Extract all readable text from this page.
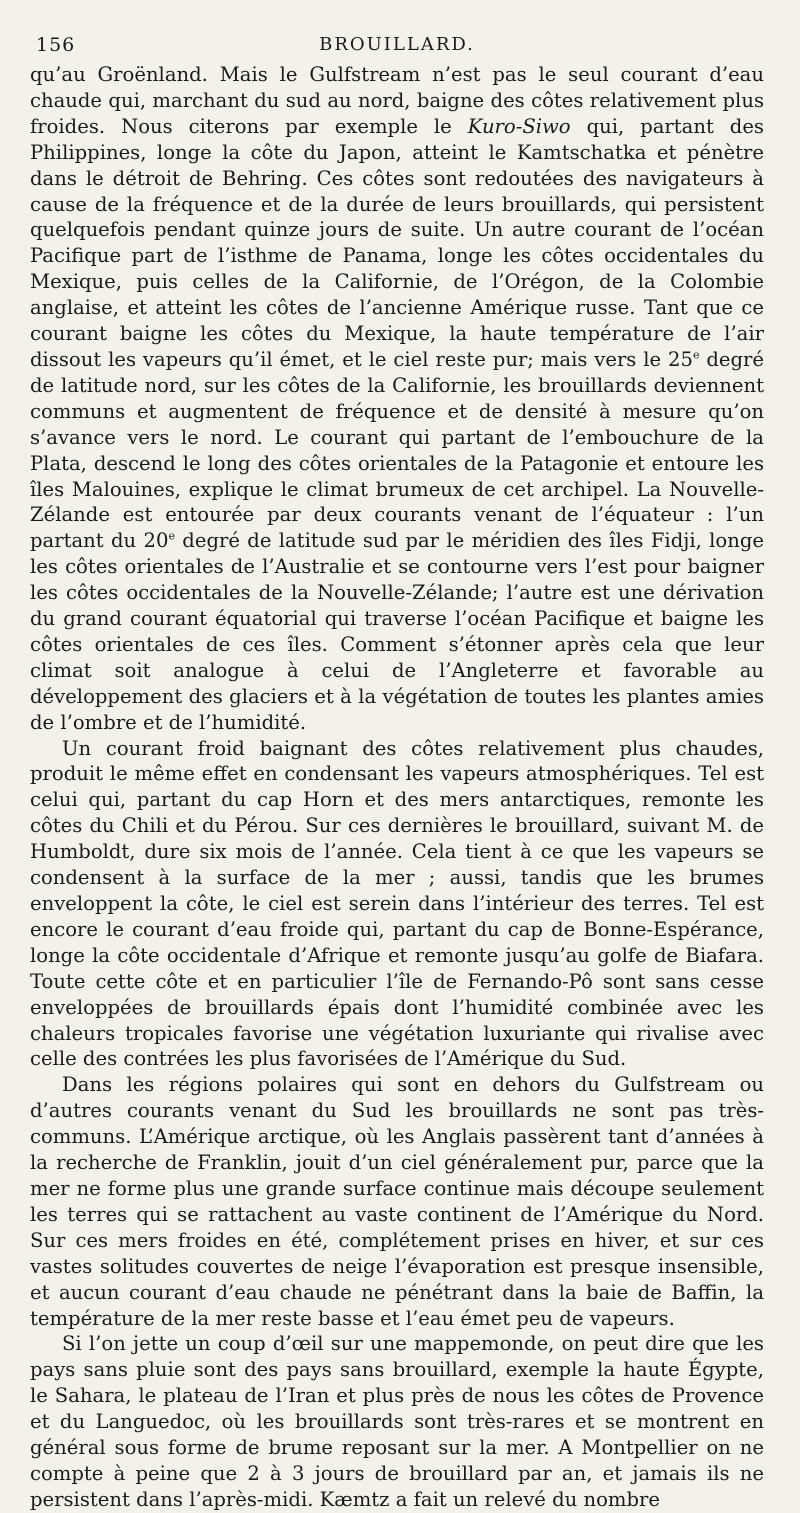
156	BROUILLARD.

qu’au Groënland. Mais le Gulfstream n’est pas le seul courant d’eau chaude qui, marchant du sud au nord, baigne des côtes relativement plus froides. Nous citerons par exemple le Kuro-Siwo qui, partant des Philippines, longe la côte du Japon, atteint le Kamtschatka et pénètre dans le détroit de Behring. Ces côtes sont redoutées des navigateurs à cause de la fréquence et de la durée de leurs brouillards, qui persistent quelquefois pendant quinze jours de suite. Un autre courant de l’océan Pacifique part de l’isthme de Panama, longe les côtes occidentales du Mexique, puis celles de la Californie, de l’Orégon, de la Colombie anglaise, et atteint les côtes de l’ancienne Amérique russe. Tant que ce courant baigne les côtes du Mexique, la haute température de l’air dissout les vapeurs qu’il émet, et le ciel reste pur; mais vers le 25e degré de latitude nord, sur les côtes de la Californie, les brouillards deviennent communs et augmentent de fréquence et de densité à mesure qu’on s’avance vers le nord. Le courant qui partant de l’embouchure de la Plata, descend le long des côtes orientales de la Patagonie et entoure les îles Malouines, explique le climat brumeux de cet archipel. La Nouvelle-Zélande est entourée par deux courants venant de l’équateur : l’un partant du 20e degré de latitude sud par le méridien des îles Fidji, longe les côtes orientales de l’Australie et se contourne vers l’est pour baigner les côtes occidentales de la Nouvelle-Zélande; l’autre est une dérivation du grand courant équatorial qui traverse l’océan Pacifique et baigne les côtes orientales de ces îles. Comment s’étonner après cela que leur climat soit analogue à celui de l’Angleterre et favorable au développement des glaciers et à la végétation de toutes les plantes amies de l’ombre et de l’humidité.

Un courant froid baignant des côtes relativement plus chaudes, produit le même effet en condensant les vapeurs atmosphériques. Tel est celui qui, partant du cap Horn et des mers antarctiques, remonte les côtes du Chili et du Pérou. Sur ces dernières le brouillard, suivant M. de Humboldt, dure six mois de l’année. Cela tient à ce que les vapeurs se condensent à la surface de la mer ; aussi, tandis que les brumes enveloppent la côte, le ciel est serein dans l’intérieur des terres. Tel est encore le courant d’eau froide qui, partant du cap de Bonne-Espérance, longe la côte occidentale d’Afrique et remonte jusqu’au golfe de Biafara. Toute cette côte et en particulier l’île de Fernando-Pô sont sans cesse enveloppées de brouillards épais dont l’humidité combinée avec les chaleurs tropicales favorise une végétation luxuriante qui rivalise avec celle des contrées les plus favorisées de l’Amérique du Sud.

Dans les régions polaires qui sont en dehors du Gulfstream ou d’autres courants venant du Sud les brouillards ne sont pas très-communs. L’Amérique arctique, où les Anglais passèrent tant d’années à la recherche de Franklin, jouit d’un ciel généralement pur, parce que la mer ne forme plus une grande surface continue mais découpe seulement les terres qui se rattachent au vaste continent de l’Amérique du Nord. Sur ces mers froides en été, complétement prises en hiver, et sur ces vastes solitudes couvertes de neige l’évaporation est presque insensible, et aucun courant d’eau chaude ne pénétrant dans la baie de Baffin, la température de la mer reste basse et l’eau émet peu de vapeurs.

Si l’on jette un coup d’œil sur une mappemonde, on peut dire que les pays sans pluie sont des pays sans brouillard, exemple la haute Égypte, le Sahara, le plateau de l’Iran et plus près de nous les côtes de Provence et du Languedoc, où les brouillards sont très-rares et se montrent en général sous forme de brume reposant sur la mer. A Montpellier on ne compte à peine que 2 à 3 jours de brouillard par an, et jamais ils ne persistent dans l’après-midi. Kæmtz a fait un relevé du nombre
